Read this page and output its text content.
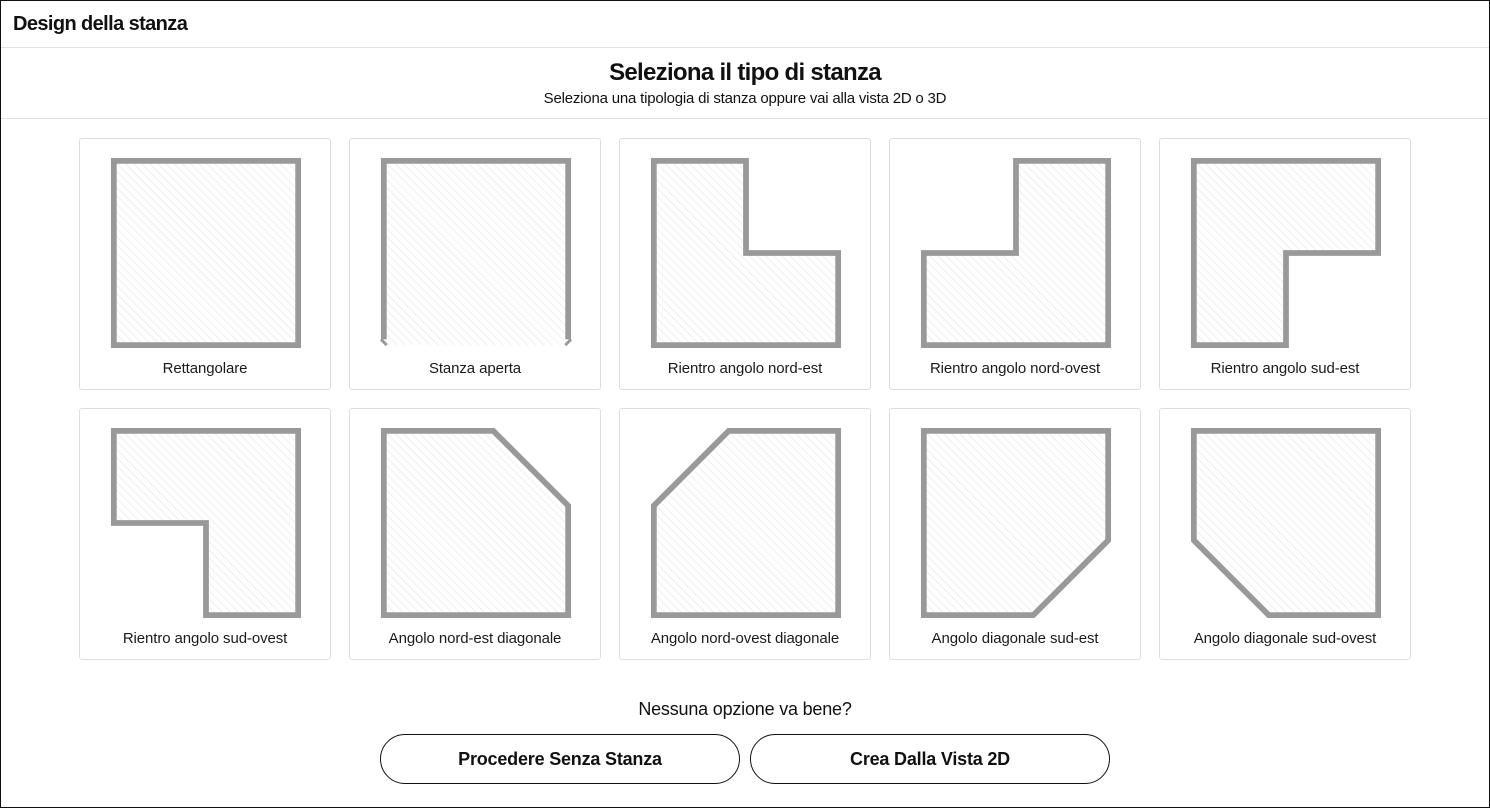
Design della stanza
Seleziona il tipo di stanza

Seleziona una tipologia di stanza oppure vai alla vista 2D o 3D

Rettangolare	Stanza aperta	Rientro angolo nord-est	Rientro angolo nord-ovest	Rientro angolo sud-est
Rientro angolo sud-ovest	Angolo nord-est diagonale	Angolo nord-ovest diagonale	Angolo diagonale sud-est	Angolo diagonale sud-ovest
Nessuna opzione va bene?
Procedere Senza Stanza	Crea Dalla Vista 2D
